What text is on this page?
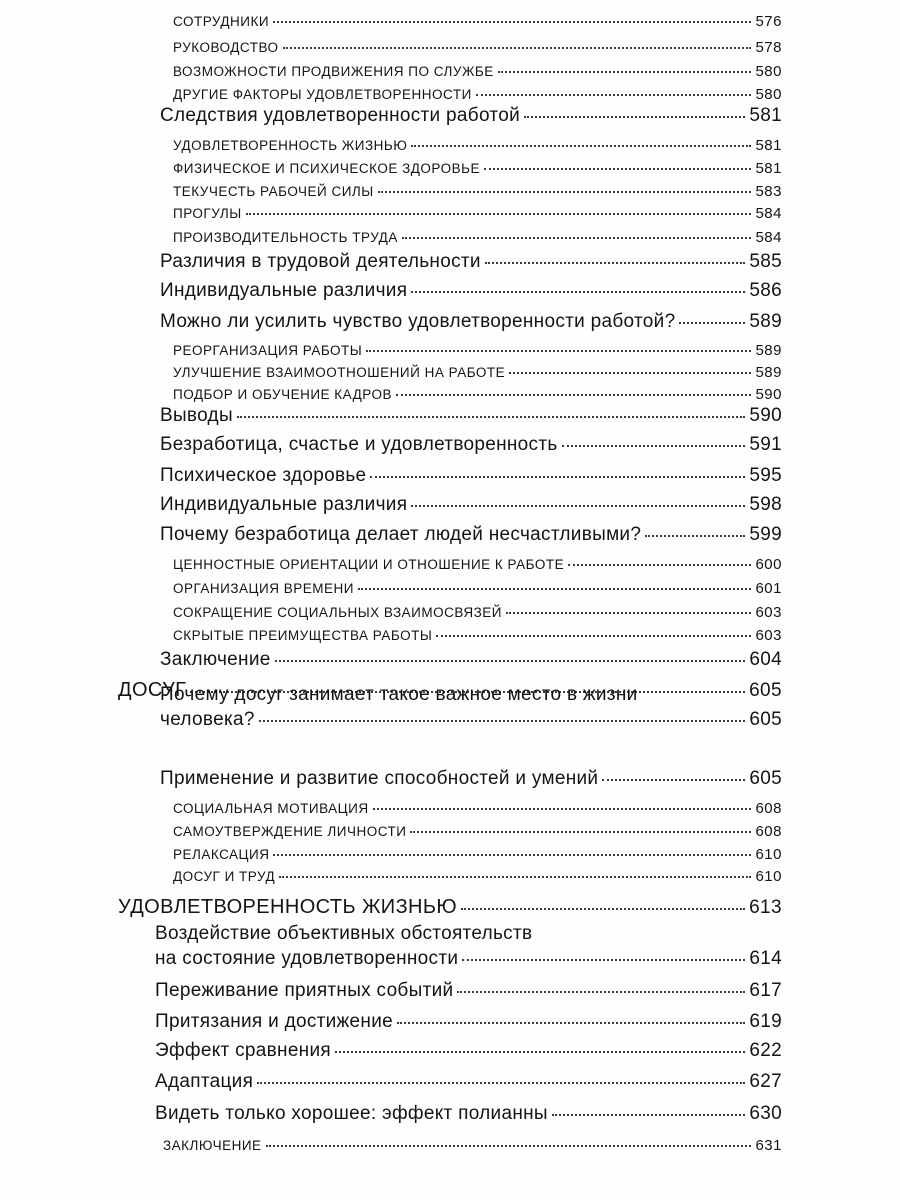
СОТРУДНИКИ	576
РУКОВОДСТВО	578
ВОЗМОЖНОСТИ ПРОДВИЖЕНИЯ ПО СЛУЖБЕ	580
ДРУГИЕ ФАКТОРЫ УДОВЛЕТВОРЕННОСТИ	580
Следствия удовлетворенности работой	581
УДОВЛЕТВОРЕННОСТЬ ЖИЗНЬЮ	581
ФИЗИЧЕСКОЕ И ПСИХИЧЕСКОЕ ЗДОРОВЬЕ	581
ТЕКУЧЕСТЬ РАБОЧЕЙ СИЛЫ	583
ПРОГУЛЫ	584
ПРОИЗВОДИТЕЛЬНОСТЬ ТРУДА	584
Различия в трудовой деятельности	585
Индивидуальные различия	586
Можно ли усилить чувство удовлетворенности работой?	589
РЕОРГАНИЗАЦИЯ РАБОТЫ	589
УЛУЧШЕНИЕ ВЗАИМООТНОШЕНИЙ НА РАБОТЕ	589
ПОДБОР И ОБУЧЕНИЕ КАДРОВ	590
Выводы	590
Безработица, счастье и удовлетворенность	591
Психическое здоровье	595
Индивидуальные различия	598
Почему безработица делает людей несчастливыми?	599
ЦЕННОСТНЫЕ ОРИЕНТАЦИИ И ОТНОШЕНИЕ К РАБОТЕ	600
ОРГАНИЗАЦИЯ ВРЕМЕНИ	601
СОКРАЩЕНИЕ СОЦИАЛЬНЫХ ВЗАИМОСВЯЗЕЙ	603
СКРЫТЫЕ ПРЕИМУЩЕСТВА РАБОТЫ	603
Заключение	604
ДОСУГ	605
Почему досуг занимает такое важное место в жизни
человека?	605
Применение и развитие способностей и умений	605
СОЦИАЛЬНАЯ МОТИВАЦИЯ	608
САМОУТВЕРЖДЕНИЕ ЛИЧНОСТИ	608
РЕЛАКСАЦИЯ	610
ДОСУГ И ТРУД	610
УДОВЛЕТВОРЕННОСТЬ ЖИЗНЬЮ	613
Воздействие объективных обстоятельств
на состояние удовлетворенности	614
Переживание приятных событий	617
Притязания и достижение	619
Эффект сравнения	622
Адаптация	627
Видеть только хорошее: эффект полианны	630
ЗАКЛЮЧЕНИЕ	631
